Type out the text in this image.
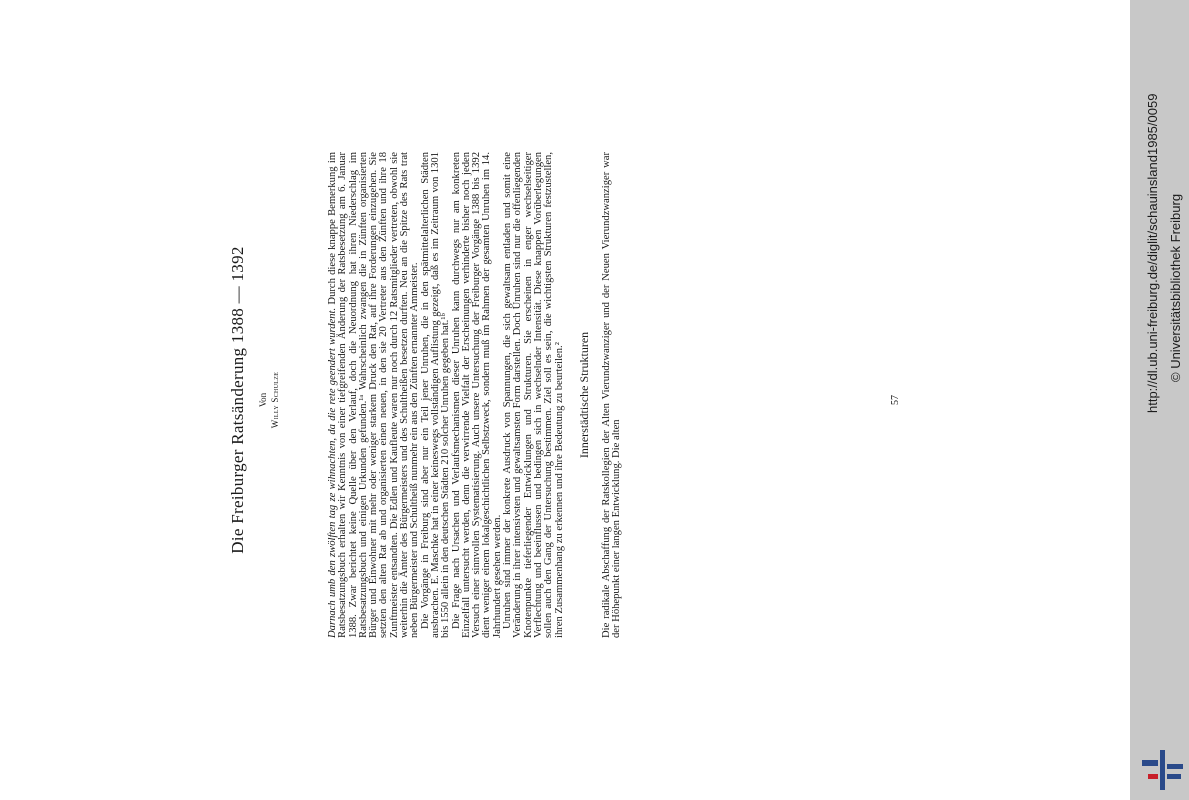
Die Freiburger Ratsänderung 1388 — 1392 Von Willy Schulze	Darnach umb den zwölften tag ze wihnachten, da die rete geendert wurdent. Durch diese knappe Bemerkung im Ratsbesatzungsbuch erhalten wir Kenntnis von einer tiefgreifenden Änderung der Ratsbesetzung am 6. Januar 1388. Zwar berichtet keine Quelle über den Verlauf, doch die Neuordnung hat ihren Niederschlag im Ratsbesatzungsbuch und einigen Urkunden gefunden.¹ᵃ Wahrscheinlich zwangen die in Zünften organisierten Bürger und Einwohner mit mehr oder weniger starkem Druck den Rat, auf ihre Forderungen einzugehen. Sie setzten den alten Rat ab und organisierten einen neuen, in den sie 20 Vertreter aus den Zünften und ihre 18 Zunftmeister entsandten. Die Edlen und Kaufleute waren nur noch durch 12 Ratsmitglieder vertreten, obwohl sie weiterhin die Ämter des Bürgermeisters und des Schultheißen besetzen durften. Neu an die Spitze des Rats trat neben Bürgermeister und Schultheiß nunmehr ein aus den Zünften ernannter Ammeister. Die Vorgänge in Freiburg sind aber nur ein Teil jener Unruhen, die in den spätmittelalterlichen Städten ausbrachen. E. Maschke hat in einer keineswegs vollständigen Auflistung gezeigt, daß es im Zeitraum von 1301 bis 1550 allein in den deutschen Städten 210 solcher Unruhen gegeben hat.¹ᵇ Die Frage nach Ursachen und Verlaufsmechanismen dieser Unruhen kann durchwegs nur am konkreten Einzelfall untersucht werden, denn die verwirrende Vielfalt der Erscheinungen verhinderte bisher noch jeden Versuch einer sinnvollen Systematisierung. Auch unsere Untersuchung der Freiburger Vorgänge 1388 bis 1392 dient weniger einem lokalgeschichtlichen Selbstzweck, sondern muß im Rahmen der gesamten Unruhen im 14. Jahrhundert gesehen werden. Unruhen sind immer der konkrete Ausdruck von Spannungen, die sich gewaltsam entladen und somit eine Veränderung in ihrer intensivsten und gewaltsamsten Form darstellen. Doch Unruhen sind nur die offenliegenden Knotenpunkte tieferliegender Entwicklungen und Strukturen. Sie erscheinen in enger wechselseitiger Verflechtung und beeinflussen und bedingen sich in wechselnder Intensität. Diese knappen Vorüberlegungen sollen auch den Gang der Untersuchung bestimmen. Ziel soll es sein, die wichtigsten Strukturen festzustellen, ihren Zusammenhang zu erkennen und ihre Bedeutung zu beurteilen.² Innerstädtische Strukturen Die radikale Abschaffung der Ratskollegien der Alten Vierundzwanziger und der Neuen Vierundzwanziger war der Höhepunkt einer langen Entwicklung. Die alten

57	http://dl.ub.uni-freiburg.de/diglit/schauinsland1985/0059 © Universitätsbibliothek Freiburg
